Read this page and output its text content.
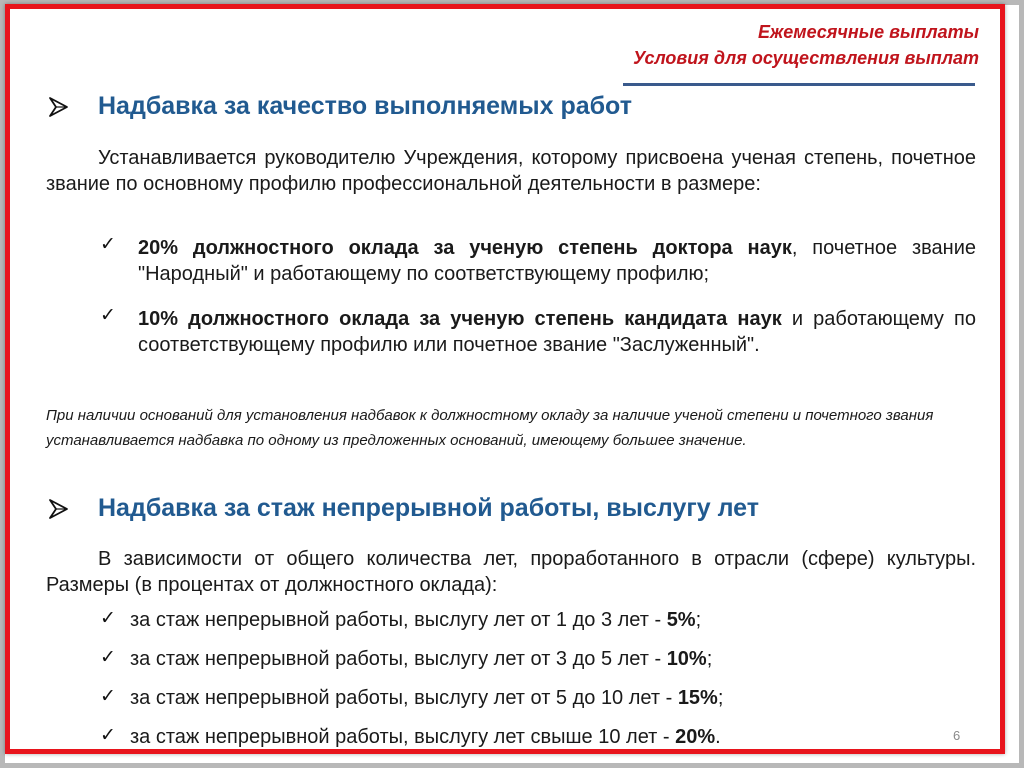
Ежемесячные выплаты
Условия для осуществления выплат
Надбавка за качество выполняемых работ
Устанавливается руководителю Учреждения, которому присвоена ученая степень, почетное звание по основному профилю профессиональной деятельности в размере:
✓ 20% должностного оклада за ученую степень доктора наук, почетное звание "Народный" и работающему по соответствующему профилю;
✓ 10% должностного оклада за ученую степень кандидата наук и работающему по соответствующему профилю или почетное звание "Заслуженный".
При наличии оснований для установления надбавок к должностному окладу за наличие ученой степени и почетного звания устанавливается надбавка по одному из предложенных оснований, имеющему большее значение.
Надбавка за стаж непрерывной работы, выслугу лет
В зависимости от общего количества лет, проработанного в отрасли (сфере) культуры. Размеры (в процентах от должностного оклада):
✓ за стаж непрерывной работы, выслугу лет от 1 до 3 лет - 5%;
✓ за стаж непрерывной работы, выслугу лет от 3 до 5 лет - 10%;
✓ за стаж непрерывной работы, выслугу лет от 5 до 10 лет - 15%;
✓ за стаж непрерывной работы, выслугу лет свыше 10 лет - 20%.	6
